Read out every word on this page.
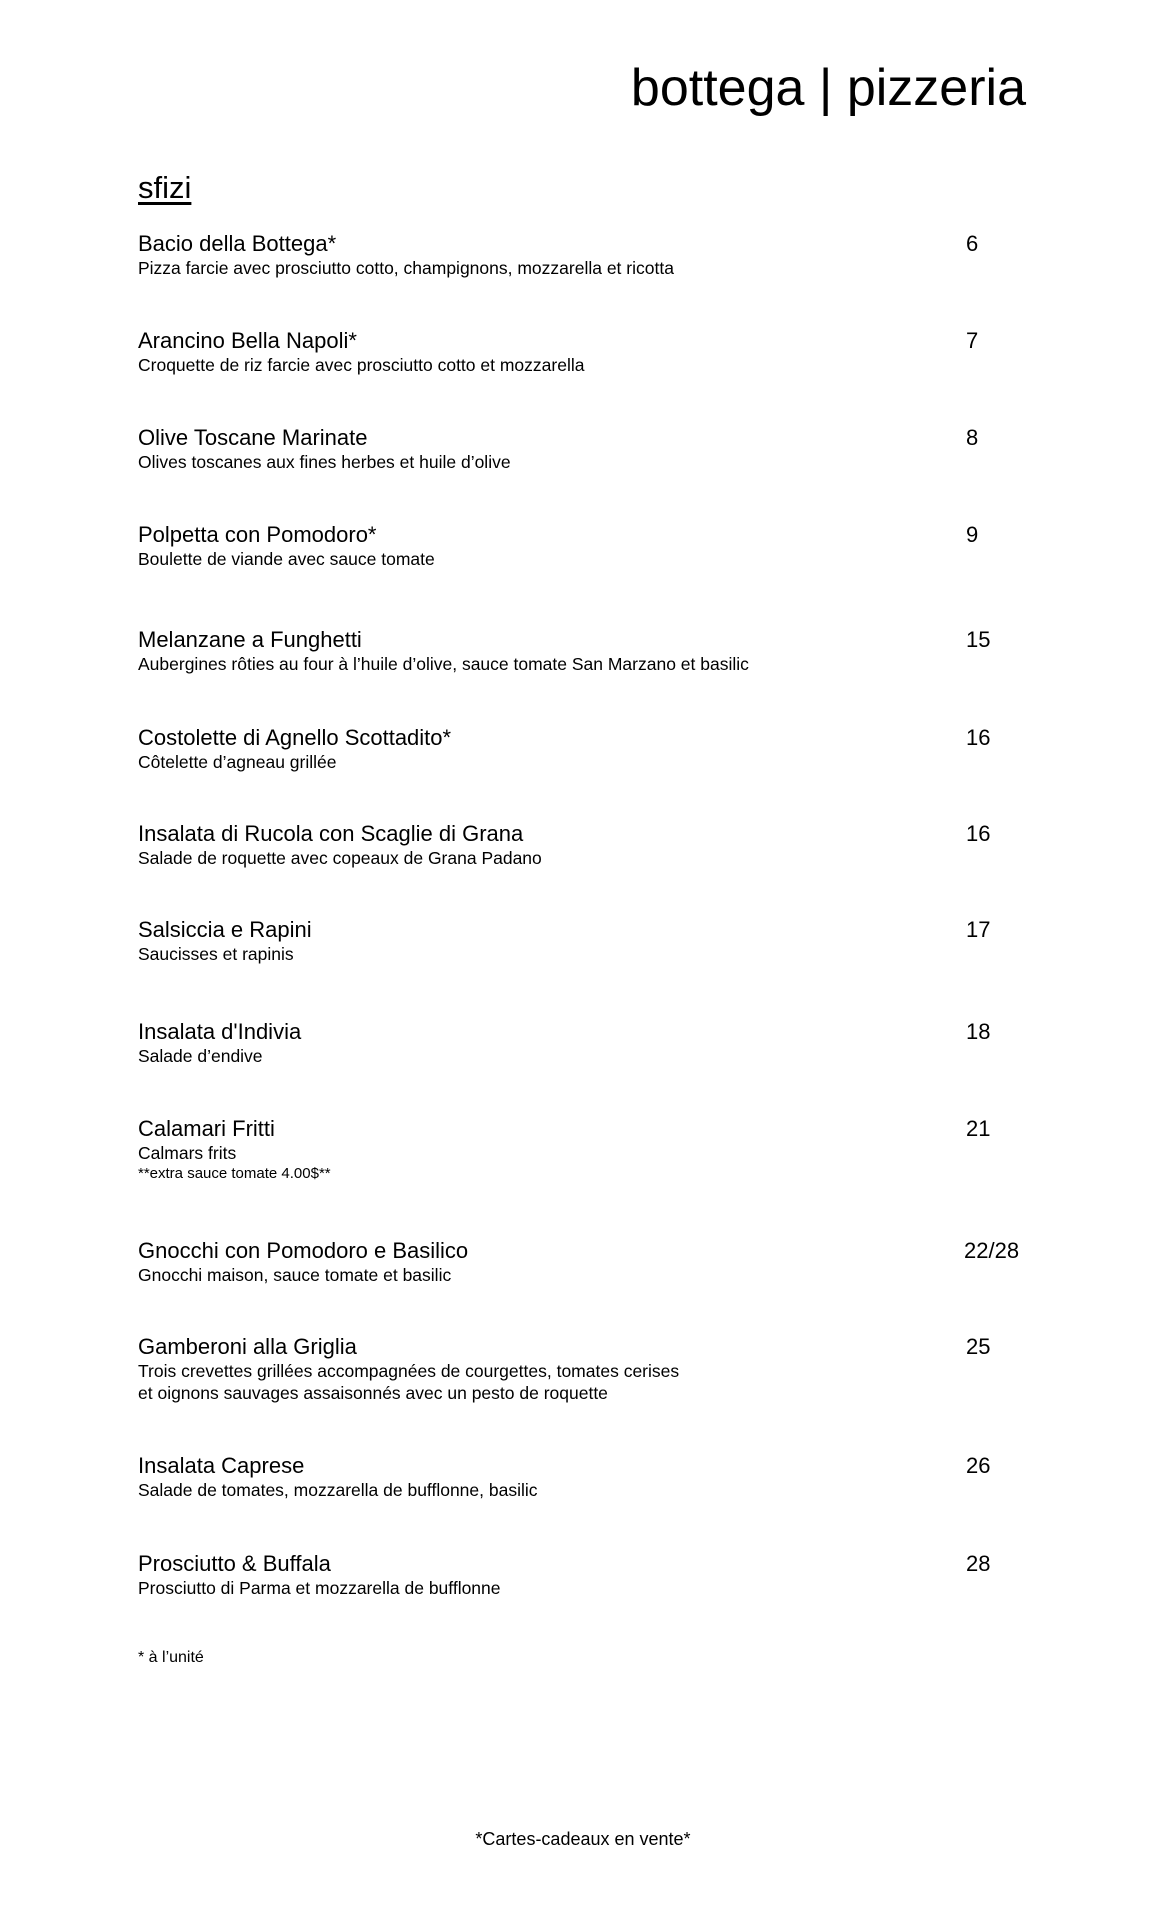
bottega | pizzeria
sfizi
Bacio della Bottega*
Pizza farcie avec prosciutto cotto, champignons, mozzarella et ricotta
6
Arancino Bella Napoli*
Croquette de riz farcie avec prosciutto cotto et mozzarella
7
Olive Toscane Marinate
Olives toscanes aux fines herbes et huile d’olive
8
Polpetta con Pomodoro*
Boulette de viande avec sauce tomate
9
Melanzane a Funghetti
Aubergines rôties au four à l’huile d’olive, sauce tomate San Marzano et basilic
15
Costolette di Agnello Scottadito*
Côtelette d’agneau grillée
16
Insalata di Rucola con Scaglie di Grana
Salade de roquette avec copeaux de Grana Padano
16
Salsiccia e Rapini
Saucisses et rapinis
17
Insalata d'Indivia
Salade d’endive
18
Calamari Fritti
Calmars frits
**extra sauce tomate 4.00$**
21
Gnocchi con Pomodoro e Basilico
Gnocchi maison, sauce tomate et basilic
22/28
Gamberoni alla Griglia
Trois crevettes grillées accompagnées de courgettes, tomates cerises
et oignons sauvages assaisonnés avec un pesto de roquette
25
Insalata Caprese
Salade de tomates, mozzarella de bufflonne, basilic
26
Prosciutto & Buffala
Prosciutto di Parma et mozzarella de bufflonne
28
* à l’unité
*Cartes-cadeaux en vente*
